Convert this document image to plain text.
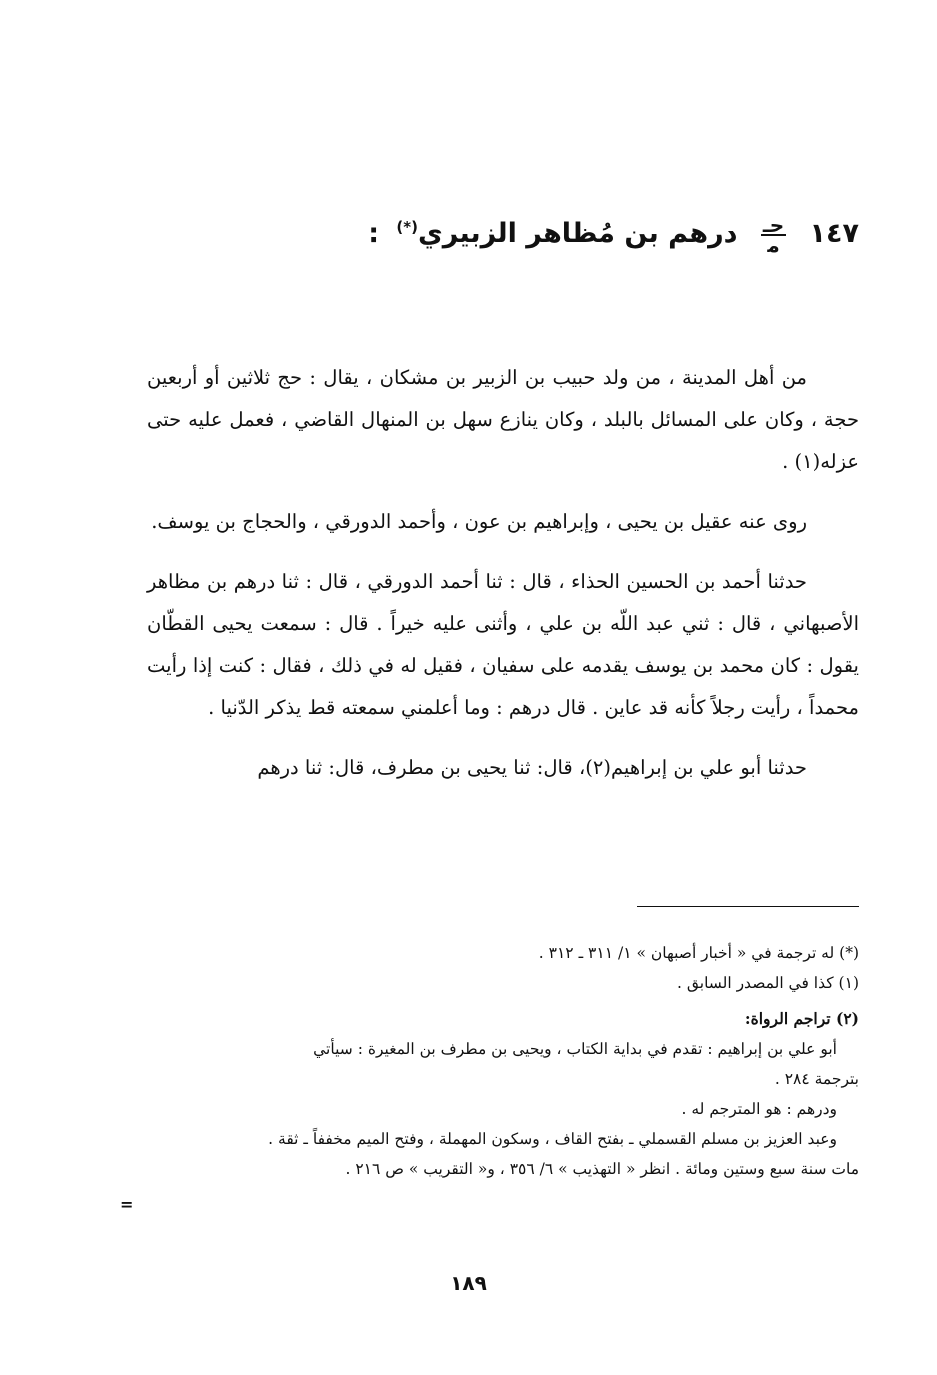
١٤٧
ﺣـ
ﻣ
درهم بن مُظاهر الزبيري(*) :

من أهل المدينة ، من ولد حبيب بن الزبير بن مشكان ، يقال : حج ثلاثين أو أربعين حجة ، وكان على المسائل بالبلد ، وكان ينازع سهل بن المنهال القاضي ، فعمل عليه حتى عزله(١) .

روى عنه عقيل بن يحيى ، وإبراهيم بن عون ، وأحمد الدورقي ، والحجاج بن يوسف.

حدثنا أحمد بن الحسين الحذاء ، قال : ثنا أحمد الدورقي ، قال : ثنا درهم بن مظاهر الأصبهاني ، قال : ثني عبد اللّه بن علي ، وأثنى عليه خيراً . قال : سمعت يحيى القطّان يقول : كان محمد بن يوسف يقدمه على سفيان ، فقيل له في ذلك ، فقال : كنت إذا رأيت محمداً ، رأيت رجلاً كأنه قد عاين . قال درهم : وما أعلمني سمعته قط يذكر الدّنيا .

حدثنا أبو علي بن إبراهيم(٢)، قال: ثنا يحيى بن مطرف، قال: ثنا درهم

(*) له ترجمة في « أخبار أصبهان » ١/ ٣١١ ـ ٣١٢ .
(١) كذا في المصدر السابق .
(٢) تراجم الرواة:
أبو علي بن إبراهيم : تقدم في بداية الكتاب ، ويحيى بن مطرف بن المغيرة : سيأتي
بترجمة ٢٨٤ .
ودرهم : هو المترجم له .
وعبد العزيز بن مسلم القسملي ـ بفتح القاف ، وسكون المهملة ، وفتح الميم مخففاً ـ ثقة .
مات سنة سبع وستين ومائة . انظر « التهذيب » ٦/ ٣٥٦ ، و« التقريب » ص ٢١٦ .
=
١٨٩
